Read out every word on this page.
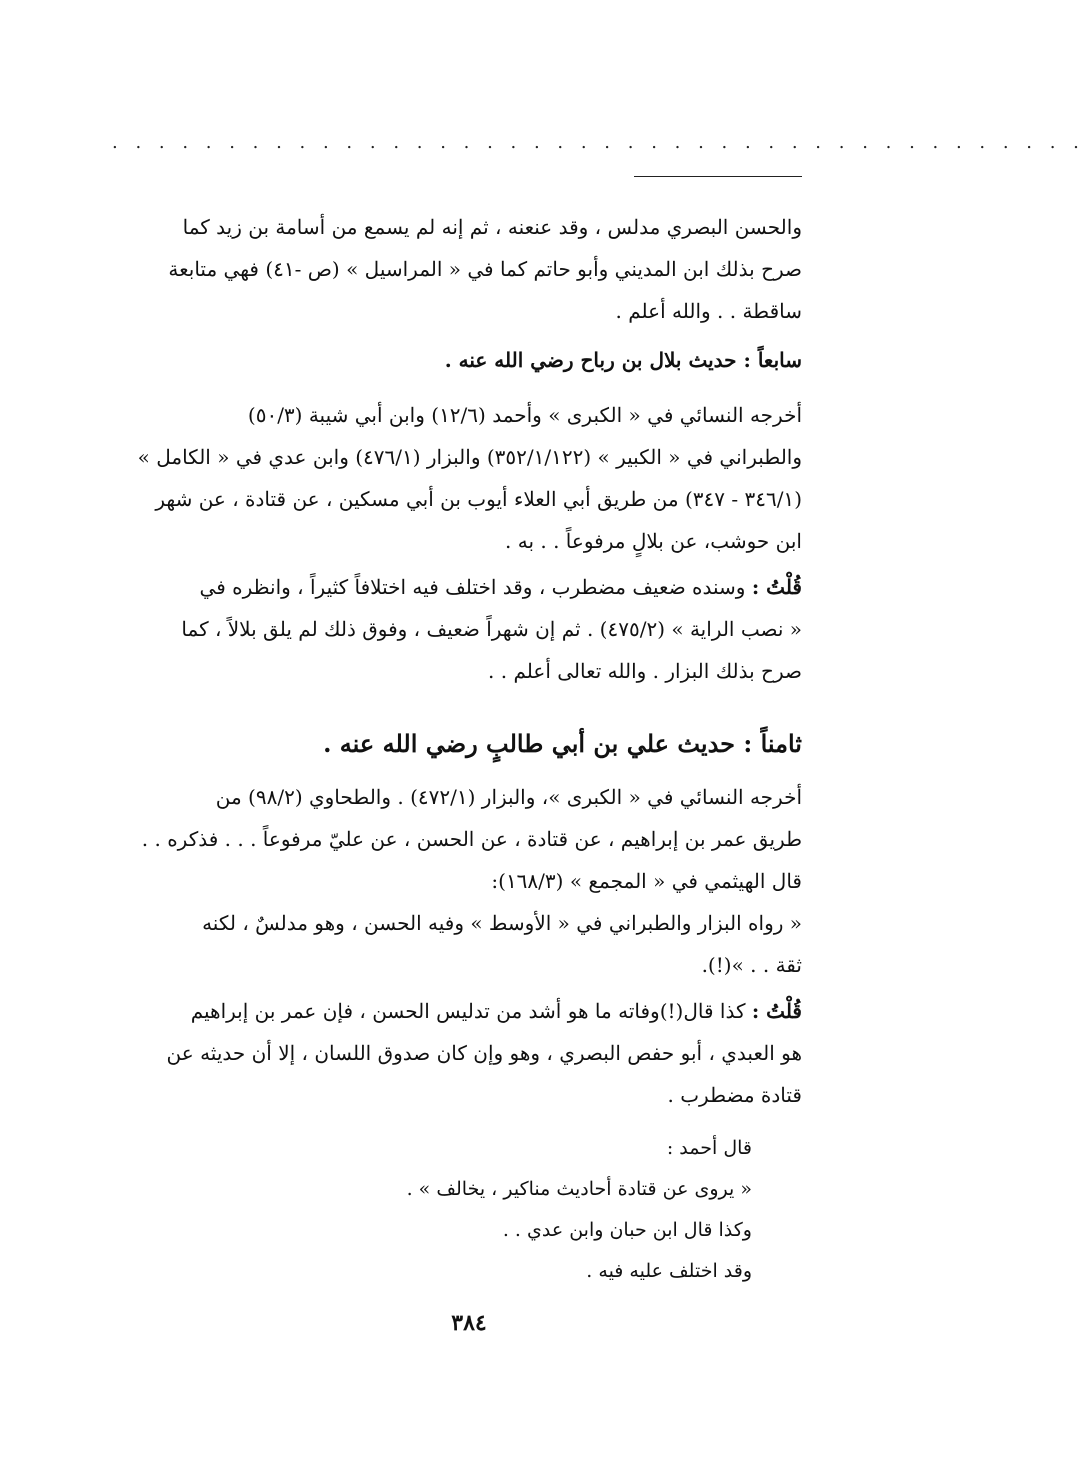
. . . . . . . . . . . . . . . . . . . . . . . . . . . . . . . . . . . . . . . . . .
والحسن البصري مدلس ، وقد عنعنه ، ثم إنه لم يسمع من أسامة بن زيد كما
صرح بذلك ابن المديني وأبو حاتم كما في « المراسيل » (ص -٤١) فهي متابعة
ساقطة . . والله أعلم .
سابعاً : حديث بلال بن رباح رضي الله عنه .
أخرجه النسائي في « الكبرى » وأحمد (١٢/٦) وابن أبي شيبة (٥٠/٣)
والطبراني في « الكبير » (٣٥٢/١/١٢٢) والبزار (٤٧٦/١) وابن عدي في « الكامل »
(٣٤٦/١ - ٣٤٧) من طريق أبي العلاء أيوب بن أبي مسكين ، عن قتادة ، عن شهر
ابن حوشب، عن بلالٍ مرفوعاً . . به .
قُلْتُ : وسنده ضعيف مضطرب ، وقد اختلف فيه اختلافاً كثيراً ، وانظره في
« نصب الراية » (٤٧٥/٢) . ثم إن شهراً ضعيف ، وفوق ذلك لم يلق بلالاً ، كما
صرح بذلك البزار . والله تعالى أعلم . .
ثامناً : حديث علي بن أبي طالبٍ رضي الله عنه .
أخرجه النسائي في « الكبرى »، والبزار (٤٧٢/١) . والطحاوي (٩٨/٢) من
طريق عمر بن إبراهيم ، عن قتادة ، عن الحسن ، عن عليّ مرفوعاً . . . فذكره . .
قال الهيثمي في « المجمع » (١٦٨/٣):
« رواه البزار والطبراني في « الأوسط » وفيه الحسن ، وهو مدلسٌ ، لكنه
ثقة . . »(!).
قُلْتُ : كذا قال(!)وفاته ما هو أشد من تدليس الحسن ، فإن عمر بن إبراهيم
هو العبدي ، أبو حفص البصري ، وهو وإن كان صدوق اللسان ، إلا أن حديثه عن
قتادة مضطرب .
قال أحمد :
« يروى عن قتادة أحاديث مناكير ، يخالف » .
وكذا قال ابن حبان وابن عدي . .
وقد اختلف عليه فيه .
٣٨٤
